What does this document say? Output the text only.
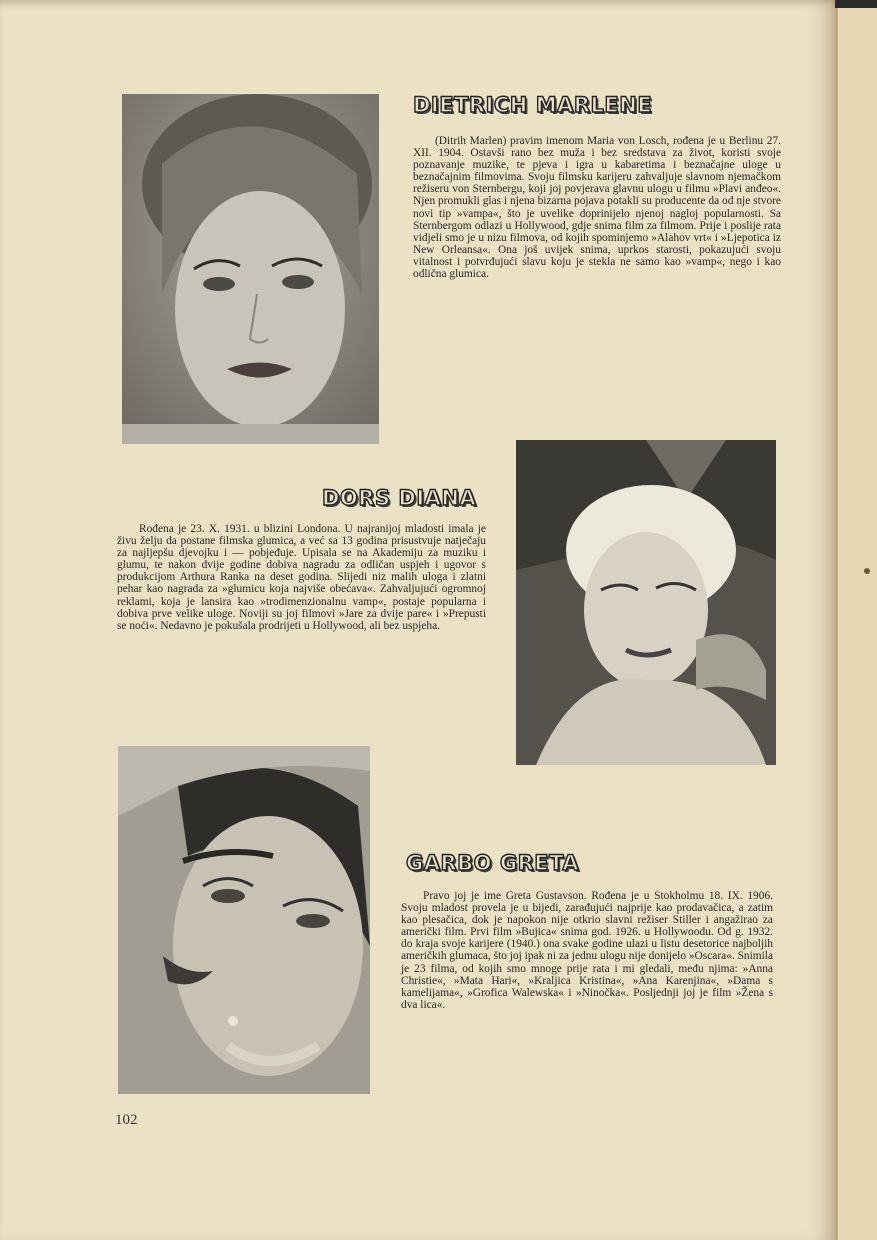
DIETRICH MARLENE

(Ditrih Marlen) pravim imenom Maria von Losch, rođena je u Berlinu 27. XII. 1904. Ostavši rano bez muža i bez sredstava za život, koristi svoje poznavanje muzike, te pjeva i igra u kabaretima i beznačajne uloge u beznačajnim filmovima. Svoju filmsku karijeru zahvaljuje slavnom njemačkom režiseru von Sternbergu, koji joj povjerava glavnu ulogu u filmu »Plavi anđeo«. Njen promukli glas i njena bizarna pojava potakli su producente da od nje stvore novi tip »vampa«, što je uvelike doprinijelo njenoj naglој popularnosti. Sa Sternbergom odlazi u Hollywood, gdje snima film za filmom. Prije i poslije rata vidjeli smo je u nizu filmova, od kojih spominjemo »Alahov vrt« i »Ljepotica iz New Orleansa«. Ona još uvijek snima, uprkos starosti, pokazujući svoju vitalnost i potvrđujući slavu koju je stekla ne samo kao »vamp«, nego i kao odlična glumica.

DORS DIANA

Rođena je 23. X. 1931. u blizini Londona. U najranijoj mladosti imala je živu želju da postane filmska glumica, a već sa 13 godina prisustvuje natječaju za najljepšu djevojku i — pobjeđuje. Upisala se na Akademiju za muziku i glumu, te nakon dvije godine dobiva nagradu za odličan uspjeh i ugovor s produkcijom Arthura Ranka na deset godina. Slijedi niz malih uloga i zlatni pehar kao nagrada za »glumicu koja najviše obećava«. Zahvaljujući ogromnoj reklami, koja je lansira kao »trodimenzionalnu vamp«, postaje popularna i dobiva prve velike uloge. Noviji su joj filmovi »Jare za dvije pare« i »Prepusti se noći«. Nedavno je pokušala prodrijeti u Hollywood, ali bez uspjeha.

GARBO GRETA

Pravo joj je ime Greta Gustavson. Rođena je u Stokholmu 18. IX. 1906. Svoju mladost provela je u bijedi, zarađujući najprije kao prodavačica, a zatim kao plesačica, dok je napokon nije otkrio slavni režiser Stiller i angažirao za američki film. Prvi film »Bujica« snima god. 1926. u Hollywoodu. Od g. 1932. do kraja svoje karijere (1940.) ona svake godine ulazi u listu desetorice najboljih američkih glumaca, što joj ipak ni za jednu ulogu nije donijelo »Oscara«. Snimila je 23 filma, od kojih smo mnoge prije rata i mi gledali, među njima: »Anna Christie«, »Mata Hari«, »Kraljica Kristina«, »Ana Karenjina«, »Dama s kamelijama«, »Grofica Walewska« i »Ninočka«. Posljednji joj je film »Žena s dva lica«.

102
